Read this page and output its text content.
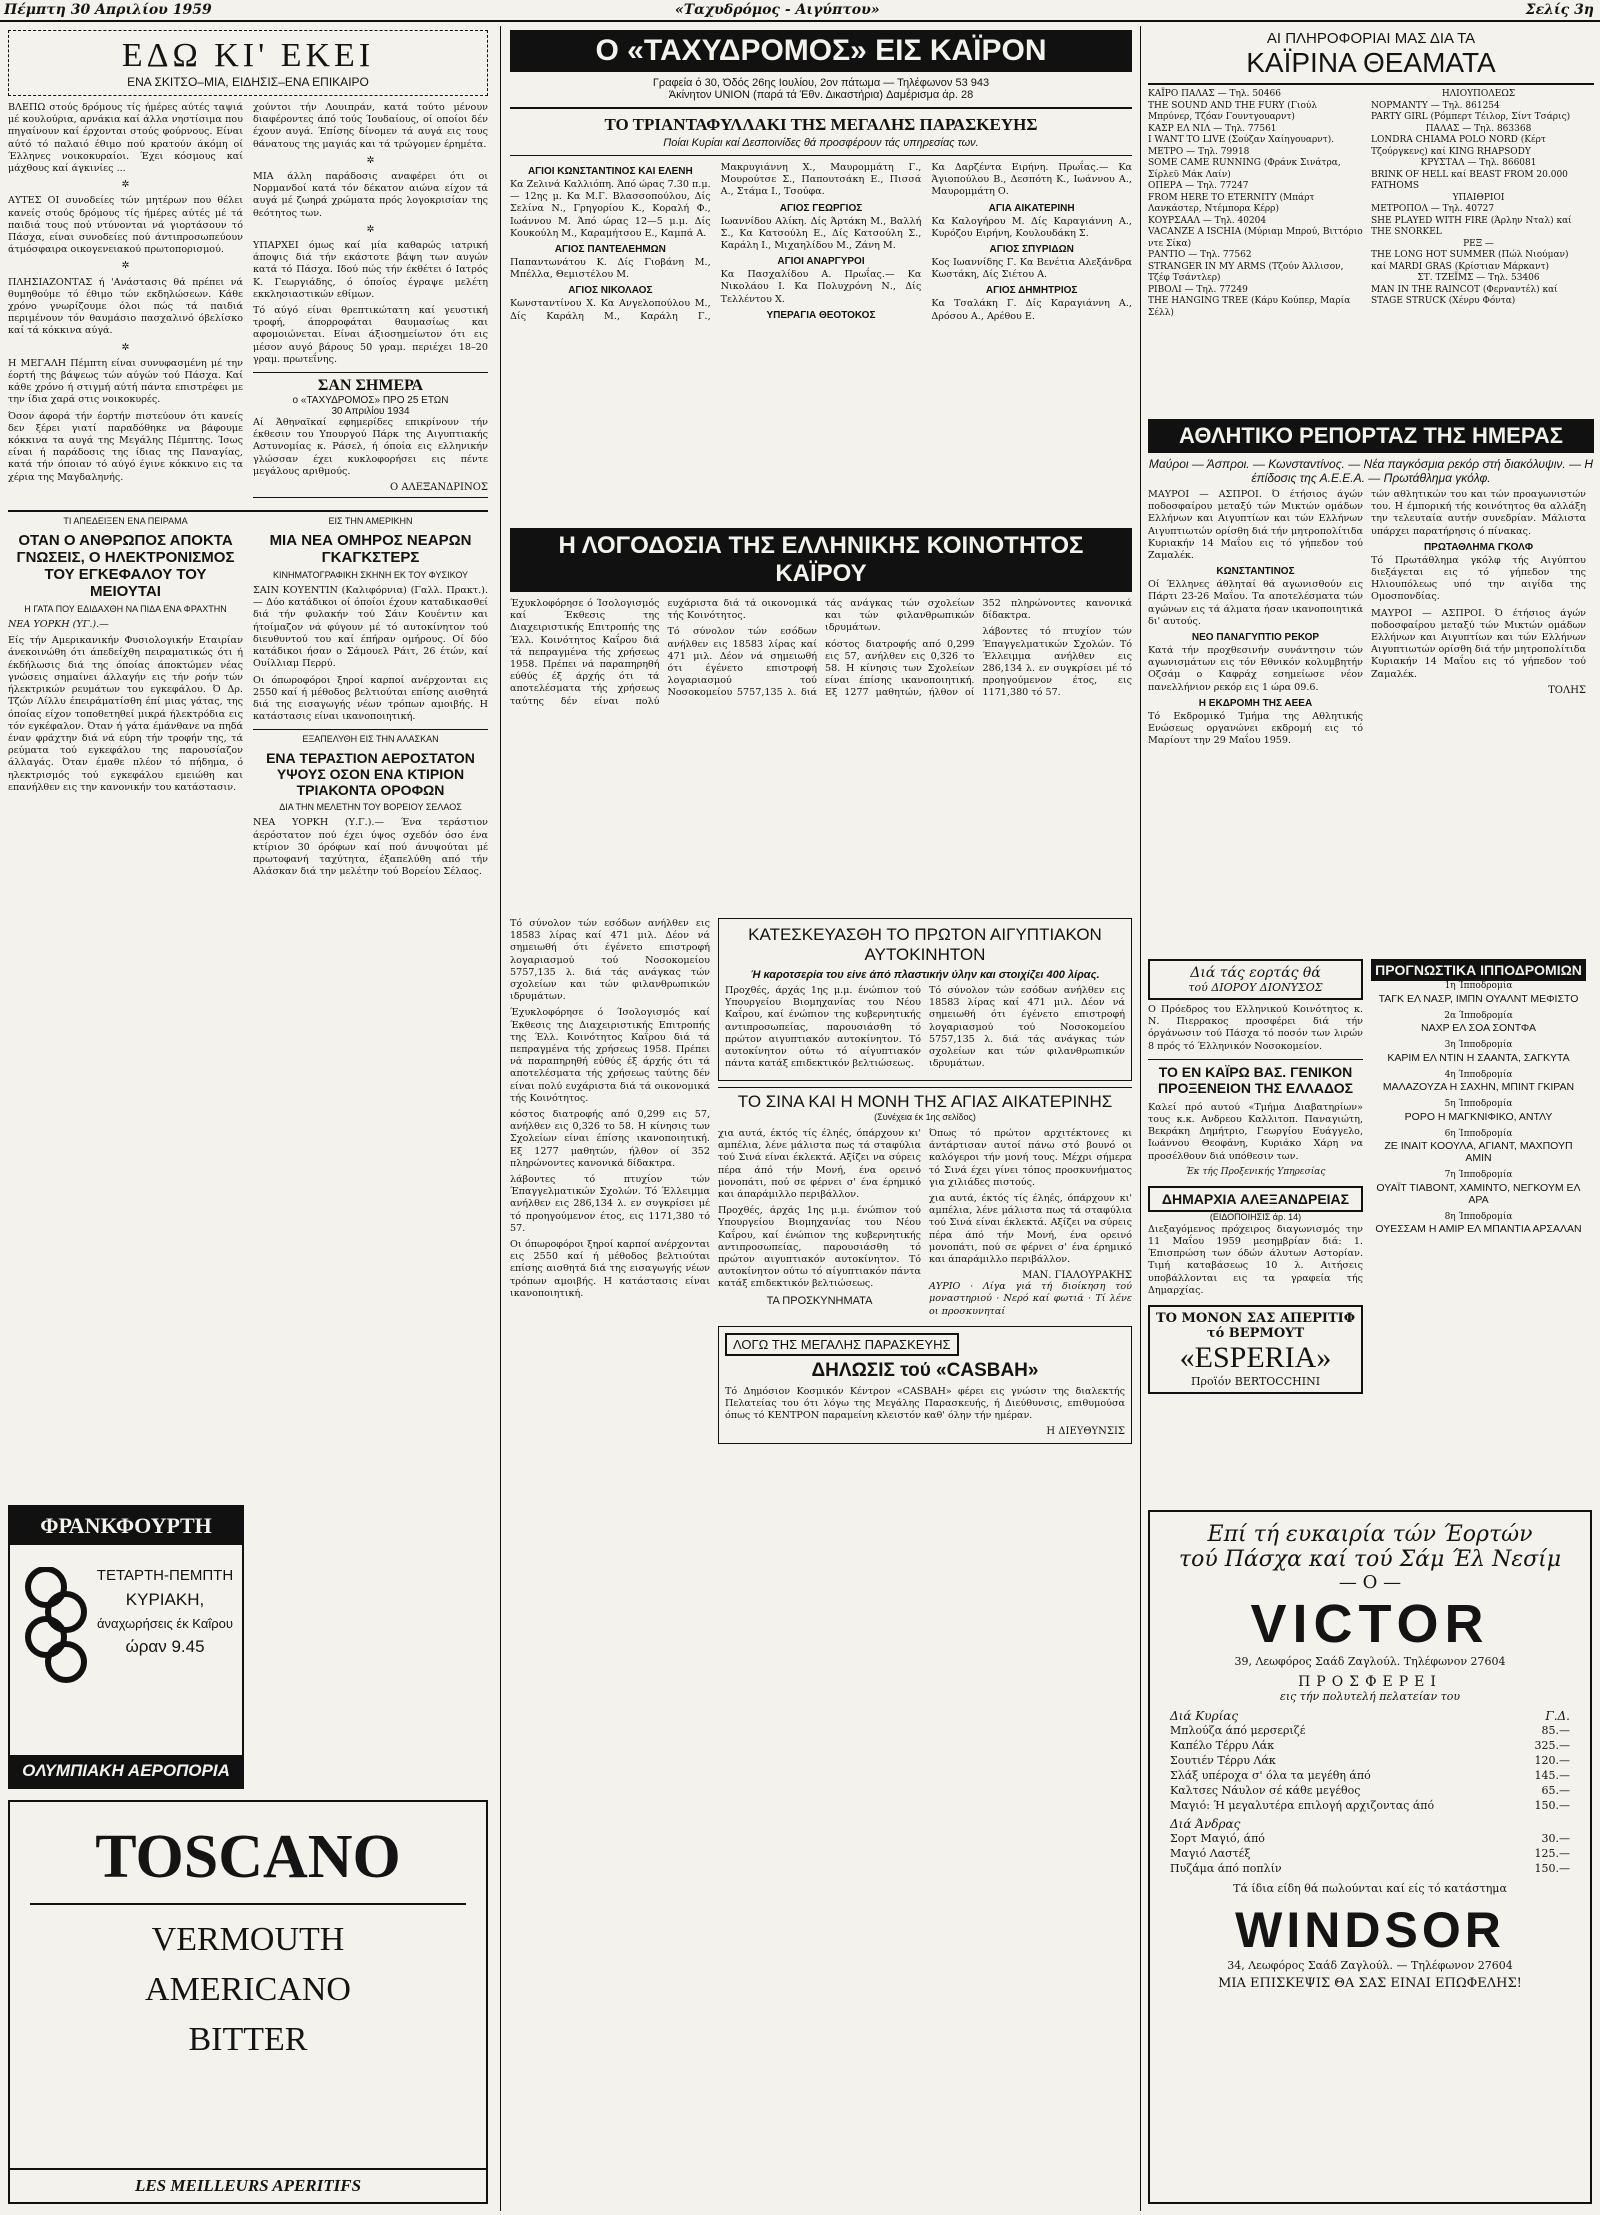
Πέμπτη 30 Απριλίου 1959	«Ταχυδρόμος - Αιγύπτου»	Σελίς 3η
ΕΔΩ ΚΙ' ΕΚΕΙ
ΕΝΑ ΣΚΙΤΣΟ–ΜΙΑ, ΕΙΔΗΣΙΣ–ΕΝΑ ΕΠΙΚΑΙΡΟ

ΒΛΕΠΩ στούς δρόμους τίς ήμέρες αύτές ταψιά μέ κουλούρια, αρνάκια καί άλλα νηστίσιμα που πηγαίνουν καί έρχονται στούς φούρνους. Είναι αύτό τό παλαιό έθιμο πού κρατούν άκόμη οί Έλληνες νοικοκυραίοι. Έχει κόσμους καί μάχθους καί άγκινίες ...

✲

ΑΥΤΕΣ ΟΙ συνοδείες τών μητέρων που θέλει κανείς στούς δρόμους τίς ήμέρες αύτές μέ τά παιδιά τους πού ντύνονται νά γιορτάσουν τό Πάσχα, είναι συνοδείες πού άντιπροσωπεύουν άτμόσφαιρα οικογενειακού πρωτοπορισμού.

✲

ΠΛΗΣΙΑΖΟΝΤΑΣ ή 'Ανάστασις θά πρέπει νά θυμηθούμε τό έθιμο τών εκδηλώσεων. Κάθε χρόνο γνωρίζουμε όλοι πώς τά παιδιά περιμένουν τόν θαυμάσιο πασχαλινό όβελίσκο καί τά κόκκινα αύγά.

✲

Η ΜΕΓΑΛΗ Πέμπτη είναι συνυφασμένη μέ την έορτή της βάψεως τών αύγών τού Πάσχα. Καί κάθε χρόνο ή στιγμή αύτή πάντα επιστρέφει με την ίδια χαρά στις νοικοκυρές.

Όσον άφορά τήν έορτήν πιστεύουν ότι κανείς δεν ξέρει γιατί παραδόθηκε να βάφουμε κόκκινα τα αυγά της Μεγάλης Πέμπτης. Ίσως είναι ή παράδοσις της ίδιας της Παναγίας, κατά τήν όποιαν τό αύγό έγινε κόκκινο εις τα χέρια της Μαγδαληνής.

χούντοι τήν Λουιπράν, κατά τούτο μένουν διαφέροντες άπό τούς Ίουδαίους, οί οποίοι δέν έχουν αυγά. Έπίσης δίνομεν τά αυγά εις τους θάνατους της μαγιάς και τά τρώγομεν έρημέτα.

✲

ΜΙΑ άλλη παράδοσις αναφέρει ότι οι Νορμανδοί κατά τόν δέκατον αιώνα είχον τά αυγά μέ ζωηρά χρώματα πρός λογοκρισίαν της θεότητος των.

✲

ΥΠΑΡΧΕΙ όμως καί μία καθαρώς ιατρική άποψις διά τήν εκάστοτε βάψη των αυγών κατά τό Πάσχα. Ιδού πώς τήν έκθέτει ό Ιατρός Κ. Γεωργιάδης, ό όποίος έγραψε μελέτη εκκλησιαστικών εθίμων.

Τό αύγό είναι θρεπτικώτατη καί γευστική τροφή, άπορροφάται θαυμασίως και αφομοιώνεται. Είναι άξιοσημείωτον ότι εις μέσον αυγό βάρους 50 γραμ. περιέχει 18–20 γραμ. πρωτεΐνης.

ΣΑΝ ΣΗΜΕΡΑ
ο «ΤΑΧΥΔΡΟΜΟΣ» ΠΡΟ 25 ΕΤΩΝ
30 Απριλίου 1934

Αί Άθηναϊκαί εφημερίδες επικρίνουν τήν έκθεσιν του Υπουργού Πάρκ της Αιγυπτιακής Αστυνομίας κ. Ράσελ, ή όποία εις ελληνικήν γλώσσαν έχει κυκλοφορήσει εις πέντε μεγάλους αριθμούς.

Ο ΑΛΕΞΑΝΔΡΙΝΟΣ
ΤΙ ΑΠΕΔΕΙΞΕΝ ΕΝΑ ΠΕΙΡΑΜΑ
ΟΤΑΝ Ο ΑΝΘΡΩΠΟΣ ΑΠΟΚΤΑ ΓΝΩΣΕΙΣ, Ο ΗΛΕΚΤΡΟΝΙΣΜΟΣ ΤΟΥ ΕΓΚΕΦΑΛΟΥ ΤΟΥ ΜΕΙΟΥΤΑΙ
Η ΓΑΤΑ ΠΟΥ ΕΔΙΔΑΧΘΗ ΝΑ ΠΙΔΑ ΕΝΑ ΦΡΑΧΤΗΝ

ΝΕΑ ΥΟΡΚΗ (ΥΓ.).—

Είς τήν Αμερικανικήν Φυσιολογικήν Εταιρίαν άνεκοινώθη ότι άπεδείχθη πειραματικώς ότι ή έκδήλωσις διά της όποίας άποκτώμεν νέας γνώσεις σημαίνει άλλαγήν εις τήν ροήν τών ήλεκτρικών ρευμάτων του εγκεφάλου. Ό Δρ. Τζών Λίλλυ έπειράματίσθη έπί μιας γάτας, της όποίας είχον τοποθετηθεί μικρά ήλεκτρόδια εις τόν εγκέφαλον. Όταν ή γάτα έμάνθανε να πηδά έναν φράχτην διά νά εύρη τήν τροφήν της, τά ρεύματα τού εγκεφάλου της παρουσίαζον άλλαγάς. Όταν έμαθε πλέον τό πήδημα, ό ηλεκτρισμός τού εγκεφάλου εμειώθη και επανήλθεν εις την κανονικήν του κατάστασιν.

ΕΙΣ ΤΗΝ ΑΜΕΡΙΚΗΝ
ΜΙΑ ΝΕΑ ΟΜΗΡΟΣ ΝΕΑΡΩΝ ΓΚΑΓΚΣΤΕΡΣ
ΚΙΝΗΜΑΤΟΓΡΑΦΙΚΗ ΣΚΗΝΗ ΕΚ ΤΟΥ ΦΥΣΙΚΟΥ

ΣΑΙΝ ΚΟΥΕΝΤΙΝ (Καλιφόρνια) (Γαλλ. Πρακτ.).— Δύο κατάδικοι οί όποίοι έχουν καταδικασθεί διά τήν φυλακήν τού Σάιν Κουέντιν και ήτοίμαζον νά φύγουν μέ τό αυτοκίνητον τού διευθυντού του καί έπήραν ομήρους. Οί δύο κατάδικοι ήσαν ο Σάμουελ Ράιτ, 26 έτών, καί Ουίλλιαμ Περρύ.

Οι όπωροφόροι ξηροί καρποί ανέρχονται εις 2550 καί ή μέθοδος βελτιούται επίσης αισθητά διά της εισαγωγής νέων τρόπων αμοιβής. Η κατάστασις είναι ικανοποιητική.

ΕΞΑΠΕΛΥΘΗ ΕΙΣ ΤΗΝ ΑΛΑΣΚΑΝ
ΕΝΑ ΤΕΡΑΣΤΙΟΝ ΑΕΡΟΣΤΑΤΟΝ ΥΨΟΥΣ ΟΣΟΝ ΕΝΑ ΚΤΙΡΙΟΝ ΤΡΙΑΚΟΝΤΑ ΟΡΟΦΩΝ
ΔΙΑ ΤΗΝ ΜΕΛΕΤΗΝ ΤΟΥ ΒΟΡΕΙΟΥ ΣΕΛΑΟΣ

ΝΕΑ ΥΟΡΚΗ (Υ.Γ.).— Ένα τεράστιον άερόστατον πού έχει ύψος σχεδόν όσο ένα κτίριον 30 όρόφων καί πού άνυψούται μέ πρωτοφανή ταχύτητα, έξαπελύθη από τήν Αλάσκαν διά την μελέτην τού Βορείου Σέλαος.

ΦΡΑΝΚΦΟΥΡΤΗ
ΤΕΤΑΡΤΗ-ΠΕΜΠΤΗ
ΚΥΡΙΑΚΗ,
άναχωρήσεις έκ Καΐρου
ώραν 9.45
ΟΛΥΜΠΙΑΚΗ ΑΕΡΟΠΟΡΙΑ
TOSCANO
VERMOUTH
AMERICANO
BITTER
LES MEILLEURS APERITIFS
Ο «ΤΑΧΥΔΡΟΜΟΣ» ΕΙΣ ΚΑΪΡΟΝ
Γραφεία ό 30, Όδός 26ης Ιουλίου, 2ον πάτωμα — Τηλέφωνον 53 943
Άκίνητον UNION (παρά τά Έθν. Δικαστήρια) Δαμέρισμα άρ. 28
ΤΟ ΤΡΙΑΝΤΑΦΥΛΛΑΚΙ ΤΗΣ ΜΕΓΑΛΗΣ ΠΑΡΑΣΚΕΥΗΣ
Ποίαι Κυρίαι καί Δεσποινίδες θά προσφέρουν τάς υπηρεσίας των.
ΑΓΙΟΙ ΚΩΝΣΤΑΝΤΙΝΟΣ ΚΑΙ ΕΛΕΝΗ

Κα Ζελινά Καλλιόπη. Άπό ώρας 7.30 π.μ. — 12ης μ. Κα Μ.Γ. Βλασσοπούλου, Δίς Σελίνα Ν., Γρηγορίου Κ., Κοραλή Φ., Ιωάννου Μ. Άπό ώρας 12—5 μ.μ. Δίς Κουκούλη Μ., Καραμήτσου Ε., Καμπά Α.

ΑΓΙΟΣ ΠΑΝΤΕΛΕΗΜΩΝ

Παπαντωνάτου Κ. Δίς Γιοβάνη Μ., Μπέλλα, Θεμιστέλου Μ.

ΑΓΙΟΣ ΝΙΚΟΛΑΟΣ

Κωνσταντίνου Χ. Κα Ανγελοπούλου Μ., Δίς Καράλη Μ., Καράλη Γ., Μακρυγιάννη Χ., Μαυρομμάτη Γ., Μουρούτσε Σ., Παπουτσάκη Ε., Πισσά Α., Στάμα Ι., Τσούφα.

ΑΓΙΟΣ ΓΕΩΡΓΙΟΣ

Ιωαννίδου Αλίκη. Δίς Άρτάκη Μ., Βαλλή Σ., Κα Κατσούλη Ε., Δίς Κατσούλη Σ., Καράλη Ι., Μιχαηλίδου Μ., Ζάνη Μ.

ΑΓΙΟΙ ΑΝΑΡΓΥΡΟΙ

Κα Πασχαλίδου Α. Πρωΐας.— Κα Νικολάου Ι. Κα Πολυχρόνη Ν., Δίς Τελλέντου Χ.

ΥΠΕΡΑΓΙΑ ΘΕΟΤΟΚΟΣ

Κα Δαρζέντα Ειρήνη. Πρωΐας.— Κα Άγιοπούλου Β., Δεσπότη Κ., Ιωάννου Α., Μαυρομμάτη Ο.

ΑΓΙΑ ΑΙΚΑΤΕΡΙΝΗ

Κα Καλογήρου Μ. Δίς Καραγιάννη Α., Κυρόζου Ειρήνη, Κουλουδάκη Σ.

ΑΓΙΟΣ ΣΠΥΡΙΔΩΝ

Κος Ιωαννίδης Γ. Κα Βενέτια Αλεξάνδρα Κωστάκη, Δίς Σιέτου Α.

ΑΓΙΟΣ ΔΗΜΗΤΡΙΟΣ

Κα Τσαλάκη Γ. Δίς Καραγιάννη Α., Δρόσου Α., Αρέθου Ε.

Η ΛΟΓΟΔΟΣΙΑ ΤΗΣ ΕΛΛΗΝΙΚΗΣ ΚΟΙΝΟΤΗΤΟΣ ΚΑΪΡΟΥ

Έχυκλοφόρησε ό Ίσολογισμός καί Έκθεσις της Διαχειριστικής Επιτροπής της Έλλ. Κοινότητος Καΐρου διά τά πεπραγμένα τής χρήσεως 1958. Πρέπει νά παραπηρηθή εύθύς έξ άρχής ότι τά αποτελέσματα τής χρήσεως ταύτης δέν είναι πολύ ευχάριστα διά τά οικονομικά τής Κοινότητος.

Τό σύνολον τών εσόδων ανήλθεν εις 18583 λίρας καί 471 μιλ. Δέον νά σημειωθή ότι έγένετο επιστροφή λογαριασμού τού Νοσοκομείου 5757,135 λ. διά τάς ανάγκας τών σχολείων και τών φιλανθρωπικών ιδρυμάτων.

κόστος διατροφής από 0,299 εις 57, ανήλθεν εις 0,326 το 58. Η κίνησις των Σχολείων είναι έπίσης ικανοποιητική. Εξ 1277 μαθητών, ήλθον οί 352 πληρώνοντες κανονικά δίδακτρα.

λάβοντες τό πτυχίον τών Έπαγγελματικών Σχολών. Τό Έλλειμμα ανήλθεν εις 286,134 λ. εν συγκρίσει μέ τό προηγούμενον έτος, εις 1171,380 τό 57.

Τό σύνολον τών εσόδων ανήλθεν εις 18583 λίρας καί 471 μιλ. Δέον νά σημειωθή ότι έγένετο επιστροφή λογαριασμού τού Νοσοκομείου 5757,135 λ. διά τάς ανάγκας τών σχολείων και τών φιλανθρωπικών ιδρυμάτων.

Έχυκλοφόρησε ό Ίσολογισμός καί Έκθεσις της Διαχειριστικής Επιτροπής της Έλλ. Κοινότητος Καΐρου διά τά πεπραγμένα τής χρήσεως 1958. Πρέπει νά παραπηρηθή εύθύς έξ άρχής ότι τά αποτελέσματα τής χρήσεως ταύτης δέν είναι πολύ ευχάριστα διά τά οικονομικά τής Κοινότητος.

κόστος διατροφής από 0,299 εις 57, ανήλθεν εις 0,326 το 58. Η κίνησις των Σχολείων είναι έπίσης ικανοποιητική. Εξ 1277 μαθητών, ήλθον οί 352 πληρώνοντες κανονικά δίδακτρα.

λάβοντες τό πτυχίον τών Έπαγγελματικών Σχολών. Τό Έλλειμμα ανήλθεν εις 286,134 λ. εν συγκρίσει μέ τό προηγούμενον έτος, εις 1171,380 τό 57.

Οι όπωροφόροι ξηροί καρποί ανέρχονται εις 2550 καί ή μέθοδος βελτιούται επίσης αισθητά διά της εισαγωγής νέων τρόπων αμοιβής. Η κατάστασις είναι ικανοποιητική.

ΚΑΤΕΣΚΕΥΑΣΘΗ ΤΟ ΠΡΩΤΟΝ ΑΙΓΥΠΤΙΑΚΟΝ ΑΥΤΟΚΙΝΗΤΟΝ
Ή καροτσερία του είνε άπό πλαστικήν ύλην και στοιχίζει 400 λίρας.

Προχθές, άρχάς 1ης μ.μ. ένώπιον τού Υπουργείου Βιομηχανίας του Νέου Καΐρου, καί ένώπιον της κυβερνητικής αντιπροσωπείας, παρουσιάσθη τό πρώτον αιγυπτιακόν αυτοκίνητον. Τό αυτοκίνητον ούτω τό αίγυπτιακόν πάντα κατάξ επιδεκτικόν βελτιώσεως.

Τό σύνολον τών εσόδων ανήλθεν εις 18583 λίρας καί 471 μιλ. Δέον νά σημειωθή ότι έγένετο επιστροφή λογαριασμού τού Νοσοκομείου 5757,135 λ. διά τάς ανάγκας τών σχολείων και τών φιλανθρωπικών ιδρυμάτων.

ΤΟ ΣΙΝΑ ΚΑΙ Η ΜΟΝΗ ΤΗΣ ΑΓΙΑΣ ΑΙΚΑΤΕΡΙΝΗΣ
(Συνέχεια έκ 1ης σελίδος)

χια αυτά, έκτός τίς έληές, όπάρχουν κι' αμπέλια, λένε μάλιστα πως τά σταφύλια τού Σινά είναι έκλεκτά. Αξίζει να σύρεις πέρα άπό τήν Μονή, ένα ορεινό μονοπάτι, πού σε φέρνει σ' ένα έρημικό και άπαράμιλλο περιβάλλον.

Προχθές, άρχάς 1ης μ.μ. ένώπιον τού Υπουργείου Βιομηχανίας του Νέου Καΐρου, καί ένώπιον της κυβερνητικής αντιπροσωπείας, παρουσιάσθη τό πρώτον αιγυπτιακόν αυτοκίνητον. Τό αυτοκίνητον ούτω τό αίγυπτιακόν πάντα κατάξ επιδεκτικόν βελτιώσεως.

ΤΑ ΠΡΟΣΚΥΝΗΜΑΤΑ

Όπως τό πρώτον αρχιτέκτονες κι άντάρτισαν αυτοί πάνω στό βουνό οι καλόγεροι τήν μονή τους. Μέχρι σήμερα τό Σινά έχει γίνει τόπος προσκυνήματος για χιλιάδες πιστούς.

χια αυτά, έκτός τίς έληές, όπάρχουν κι' αμπέλια, λένε μάλιστα πως τά σταφύλια τού Σινά είναι έκλεκτά. Αξίζει να σύρεις πέρα άπό τήν Μονή, ένα ορεινό μονοπάτι, πού σε φέρνει σ' ένα έρημικό και άπαράμιλλο περιβάλλον.

ΜΑΝ. ΓΙΑΛΟΥΡΑΚΗΣ

ΑΥΡΙΟ · Λίγα γιά τή διοίκηση τού μοναστηριού · Νερό καί φωτιά · Τί λένε οι προσκυνηταί

ΛΟΓΩ ΤΗΣ ΜΕΓΑΛΗΣ ΠΑΡΑΣΚΕΥΗΣ
ΔΗΛΩΣΙΣ τού «CASBAH»

Τό Δημόσιον Κοσμικόν Κέντρον «CASBAH» φέρει εις γνώσιν της διαλεκτής Πελατείας του ότι λόγω της Μεγάλης Παρασκευής, ή Διεύθυνσις, επιθυμούσα όπως τό ΚΕΝΤΡΟΝ παραμείνη κλειστόν καθ' όλην τήν ημέραν.

Η ΔΙΕΥΘΥΝΣΙΣ
ΑΙ ΠΛΗΡΟΦΟΡΙΑΙ ΜΑΣ ΔΙΑ ΤΑ
ΚΑΪΡΙΝΑ ΘΕΑΜΑΤΑ
ΚΑΪΡΟ ΠΑΛΑΣ — Τηλ. 50466
THE SOUND AND THE FURY (Γιούλ Μπρύνερ, Τζόαν Γουντγουαρντ)
ΚΑΣΡ ΕΛ ΝΙΛ — Τηλ. 77561
I WANT TO LIVE (Σούζαν Χαίηγουαρντ).
ΜΕΤΡΟ — Τηλ. 79918
SOME CAME RUNNING (Φράνκ Σινάτρα, Σίρλεϋ Μάκ Λαίν)
ΟΠΕΡΑ — Τηλ. 77247
FROM HERE TO ETERNITY (Μπάρτ Λανκάστερ, Ντέμπορα Κέρρ)
ΚΟΥΡΣΑΑΛ — Τηλ. 40204
VACANZE A ISCHIA (Μύριαμ Μπρού, Βιττόριο ντε Σίκα)
ΡΑΝΤΙΟ — Τηλ. 77562
STRANGER IN MY ARMS (Τζούν Άλλισον, Τζέφ Τσάντλερ)
ΡΙΒΟΛΙ — Τηλ. 77249
THE HANGING TREE (Κάρυ Κούπερ, Μαρία Σέλλ)
ΗΛΙΟΥΠΟΛΕΩΣ
ΝΟΡΜΑΝΤΥ — Τηλ. 861254
PARTY GIRL (Ρόμπερτ Τέιλορ, Σίντ Τσάρις)
ΠΑΛΑΣ — Τηλ. 863368
LONDRA CHIAMA POLO NORD (Κέρτ Τζούργκενς) καί KING RHAPSODY
ΚΡΥΣΤΑΛ — Τηλ. 866081
BRINK OF HELL καί BEAST FROM 20.000 FATHOMS
ΥΠΑΙΘΡΙΟΙ
ΜΕΤΡΟΠΟΛ — Τηλ. 40727
SHE PLAYED WITH FIRE (Άρλην Νταλ) καί THE SNORKEL
ΡΕΞ —
THE LONG HOT SUMMER (Πώλ Νιούμαν) καί MARDI GRAS (Κρίστιαν Μάρκαντ)
ΣΤ. ΤΖΕΪΜΣ — Τηλ. 53406
MAN IN THE RAINCOT (Φερναντέλ) καί STAGE STRUCK (Χένρυ Φόντα)
ΑΘΛΗΤΙΚΟ ΡΕΠΟΡΤΑΖ ΤΗΣ ΗΜΕΡΑΣ
Μαύροι — Άσπροι. — Κωνσταντίνος. — Νέα παγκόσμια ρεκόρ στή διακόλυψιν. — Η έπίδοσις της Α.Ε.Ε.Α. — Πρωτάθλημα γκόλφ.

ΜΑΥΡΟΙ — ΑΣΠΡΟΙ. Ό έτήσιος άγών ποδοσφαίρου μεταξύ τών Μικτών ομάδων Ελλήνων και Αιγυπτίων και τών Ελλήνων Αιγυπτιωτών ορίσθη διά τήν μητροπολίτιδα Κυριακήν 14 Μαΐου εις τό γήπεδον τού Ζαμαλέκ.

ΚΩΝΣΤΑΝΤΙΝΟΣ

Οί Έλληνες άθληταί θά αγωνισθούν εις Πάρτι 23-26 Μαΐου. Τα αποτελέσματα τών αγώνων εις τά άλματα ήσαν ικανοποιητικά δι' αυτούς.

ΝΕΟ ΠΑΝΑΓΥΠΤΙΟ ΡΕΚΟΡ

Κατά τήν προχθεσινήν συνάντησιν τών αγωνισμάτων εις τόν Εθνικόν κολυμβητήν Οζσάμ ο Καφράχ εσημείωσε νέον πανελλήνιον ρεκόρ εις 1 ώρα 09.6.

Η ΕΚΔΡΟΜΗ ΤΗΣ ΑΕΕΑ

Τό Εκδρομικό Τμήμα της Αθλητικής Ενώσεως οργανώνει εκδρομή εις τό Μαρίουτ την 29 Μαΐου 1959.

τών αθλητικών του και τών προαγωνιστών του. Η έμπορική τής κοινότητος θα αλλάξη την τελευταία αυτήν συνεδρίαν. Μάλιστα υπάρχει παρατήρησις ό πίνακας.

ΠΡΩΤΑΘΛΗΜΑ ΓΚΟΛΦ

Τό Πρωτάθλημα γκόλφ τής Αιγύπτου διεξάγεται εις τό γήπεδον της Ηλιουπόλεως υπό την αιγίδα της Ομοσπονδίας.

ΜΑΥΡΟΙ — ΑΣΠΡΟΙ. Ό έτήσιος άγών ποδοσφαίρου μεταξύ τών Μικτών ομάδων Ελλήνων και Αιγυπτίων και τών Ελλήνων Αιγυπτιωτών ορίσθη διά τήν μητροπολίτιδα Κυριακήν 14 Μαΐου εις τό γήπεδον τού Ζαμαλέκ.

ΤΟΛΗΣ
Διά τάς εορτάς θά
τού ΔΙΟΡΟΥ ΔΙΟΝΥΣΟΣ

Ο Πρόεδρος του Ελληνικού Κοινότητος κ. Ν. Πιερρακος προσφέρει διά τήν όργάνωσιν τού Πάσχα τό ποσόν των λιρών 8 πρός τό Έλληνικόν Νοσοκομείον.

ΤΟ ΕΝ ΚΑΪΡΩ ΒΑΣ. ΓΕΝΙΚΟΝ ΠΡΟΞΕΝΕΙΟΝ ΤΗΣ ΕΛΛΑΔΟΣ

Καλεί πρό αυτού «Τμήμα Διαβατηρίων» τους κ.κ. Ανδρεου Καλλιτοπ. Παναγιώτη, Βεκράκη Δημήτριο, Γεωργίου Ευάγγελο, Ιωάννου Θεοφάνη, Κυριάκο Χάρη να προσέλθουν διά υπόθεσιν των.

Έκ τής Προξενικής Υπηρεσίας
ΔΗΜΑΡΧΙΑ ΑΛΕΞΑΝΔΡΕΙΑΣ
(ΕΙΔΟΠΟΙΗΣΙΣ άρ. 14)

Διεξαγόμενος πρόχειρος διαγωνισμός την 11 Μαΐου 1959 μεσημβρίαν διά: 1. Έπισπρώση των όδών άλυτων Αστορίαν. Τιμή καταβάσεως 10 λ. Αιτήσεις υποβάλλονται εις τα γραφεία τής Δημαρχίας.

ΤΟ ΜΟΝΟΝ ΣΑΣ ΑΠΕΡΙΤΙΦ
τό ΒΕΡΜΟΥΤ
«ESPERIA»
Προϊόν BERTOCCHINI
ΠΡΟΓΝΩΣΤΙΚΑ ΙΠΠΟΔΡΟΜΙΩΝ
1η Ίπποδρομία
ΤΑΓΚ ΕΛ ΝΑΣΡ, ΙΜΠΝ ΟΥΑΛΝΤ ΜΕΦΙΣΤΟ
2α Ίπποδρομία
ΝΑΧΡ ΕΛ ΣΟΑ ΣΟΝΤΦΑ
3η Ίπποδρομία
ΚΑΡΙΜ ΕΛ ΝΤΙΝ Η ΣΑΑΝΤΑ, ΣΑΓΚΥΤΑ
4η Ίπποδρομία
ΜΑΛΑΖΟΥΖΑ Η ΣΑΧΗΝ, ΜΠΙΝΤ ΓΚΙΡΑΝ
5η Ίπποδρομία
ΡΟΡΟ Η ΜΑΓΚΝΙΦΙΚΟ, ΑΝΤΛΥ
6η Ίπποδρομία
ΖΕ ΙΝΑΙΤ ΚΟΟΥΛΑ, ΑΓΙΑΝΤ, ΜΑΧΠΟΥΠ ΑΜΙΝ
7η Ίπποδρομία
ΟΥΑΪΤ ΤΙΑΒΟΝΤ, ΧΑΜΙΝΤΟ, ΝΕΓΚΟΥΜ ΕΛ ΑΡΑ
8η Ίπποδρομία
ΟΥΕΣΣΑΜ Η ΑΜΙΡ ΕΛ ΜΠΑΝΤΙΑ ΑΡΣΑΛΑΝ
Επί τή ευκαιρία τών Έορτών
τού Πάσχα καί τού Σάμ Έλ Νεσίμ
— Ο —
VICTOR
39, Λεωφόρος Σαάδ Ζαγλούλ. Τηλέφωνον 27604
ΠΡΟΣΦΕΡΕΙ
εις τήν πολυτελή πελατείαν του
Διά Κυρίας	Γ.Δ.
Μπλούζα άπό μερσεριζέ	85.—
Καπέλο Τέρρυ Λάκ	325.—
Σουτιέν Τέρρυ Λάκ	120.—
Σλάξ υπέροχα σ' όλα τα μεγέθη άπό	145.—
Καλτσες Νάυλον σέ κάθε μεγέθος	65.—
Μαγιό: Ή μεγαλυτέρα επιλογή αρχιζοντας άπό	150.—
Διά Άνδρας
Σορτ Μαγιό, άπό	30.—
Μαγιό Λαστέξ	125.—
Πυζάμα άπό ποπλίν	150.—
Τά ίδια είδη θά πωλούνται καί είς τό κατάστημα
WINDSOR
34, Λεωφόρος Σαάδ Ζαγλούλ. — Τηλέφωνον 27604
ΜΙΑ ΕΠΙΣΚΕΨΙΣ ΘΑ ΣΑΣ ΕΙΝΑΙ ΕΠΩΦΕΛΗΣ!
